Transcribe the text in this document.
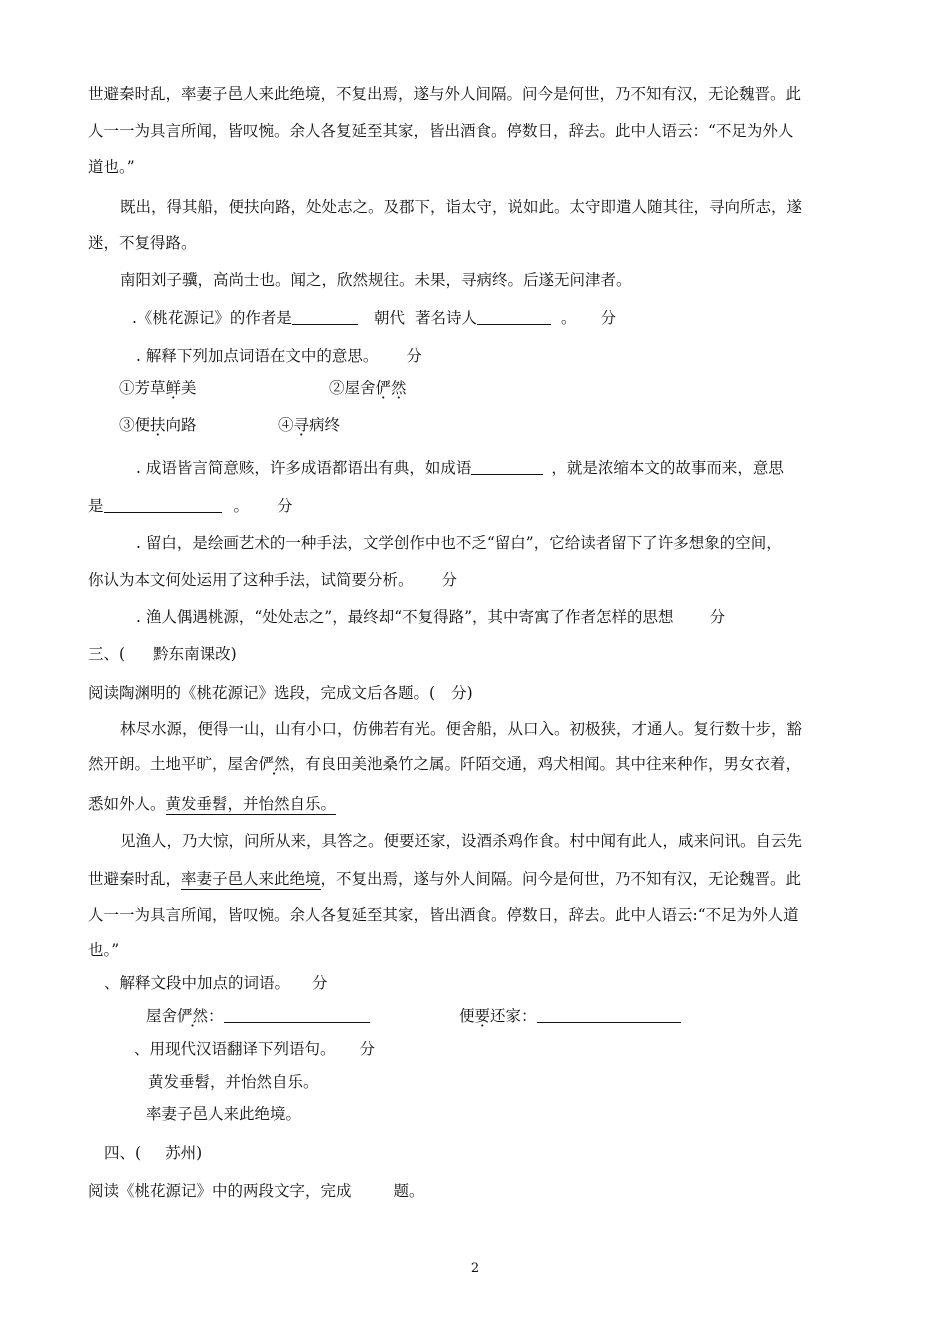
世避秦时乱，率妻子邑人来此绝境，不复出焉，遂与外人间隔。问今是何世，乃不知有汉，无论魏晋。此
人一一为具言所闻，皆叹惋。余人各复延至其家，皆出酒食。停数日，辞去。此中人语云：“不足为外人
道也。”
既出，得其船，便扶向路，处处志之。及郡下，诣太守，说如此。太守即遣人随其往，寻向所志，遂
迷，不复得路。
南阳刘子骥，高尚士也。闻之，欣然规往。未果，寻病终。后遂无问津者。
.《桃花源记》的作者是	朝代 著名诗人	。 分
. 解释下列加点词语在文中的意思。 分
①芳草鲜美	②屋舍俨然
③便扶向路	④寻病终
. 成语皆言简意赅，许多成语都语出有典，如成语	，就是浓缩本文的故事而来，意思
是	。 分
. 留白，是绘画艺术的一种手法，文学创作中也不乏“留白”，它给读者留下了许多想象的空间，
你认为本文何处运用了这种手法，试简要分析。 分
. 渔人偶遇桃源，“处处志之”，最终却“不复得路”，其中寄寓了作者怎样的思想 分
三、( 黔东南课改)
阅读陶渊明的《桃花源记》选段，完成文后各题。( 分)
林尽水源，便得一山，山有小口，仿佛若有光。便舍船，从口入。初极狭，才通人。复行数十步，豁
然开朗。土地平旷，屋舍俨然，有良田美池桑竹之属。阡陌交通，鸡犬相闻。其中往来种作，男女衣着，
悉如外人。黄发垂髫，并怡然自乐。
见渔人，乃大惊，问所从来，具答之。便要还家，设酒杀鸡作食。村中闻有此人，咸来问讯。自云先
世避秦时乱，率妻子邑人来此绝境，不复出焉，遂与外人间隔。问今是何世，乃不知有汉，无论魏晋。此
人一一为具言所闻，皆叹惋。余人各复延至其家，皆出酒食。停数日，辞去。此中人语云:“不足为外人道
也。”
、解释文段中加点的词语。 分
屋舍俨然：	便要还家：
、用现代汉语翻译下列语句。 分
黄发垂髫，并怡然自乐。
率妻子邑人来此绝境。
四、( 苏州)
阅读《桃花源记》中的两段文字，完成	题。
2
